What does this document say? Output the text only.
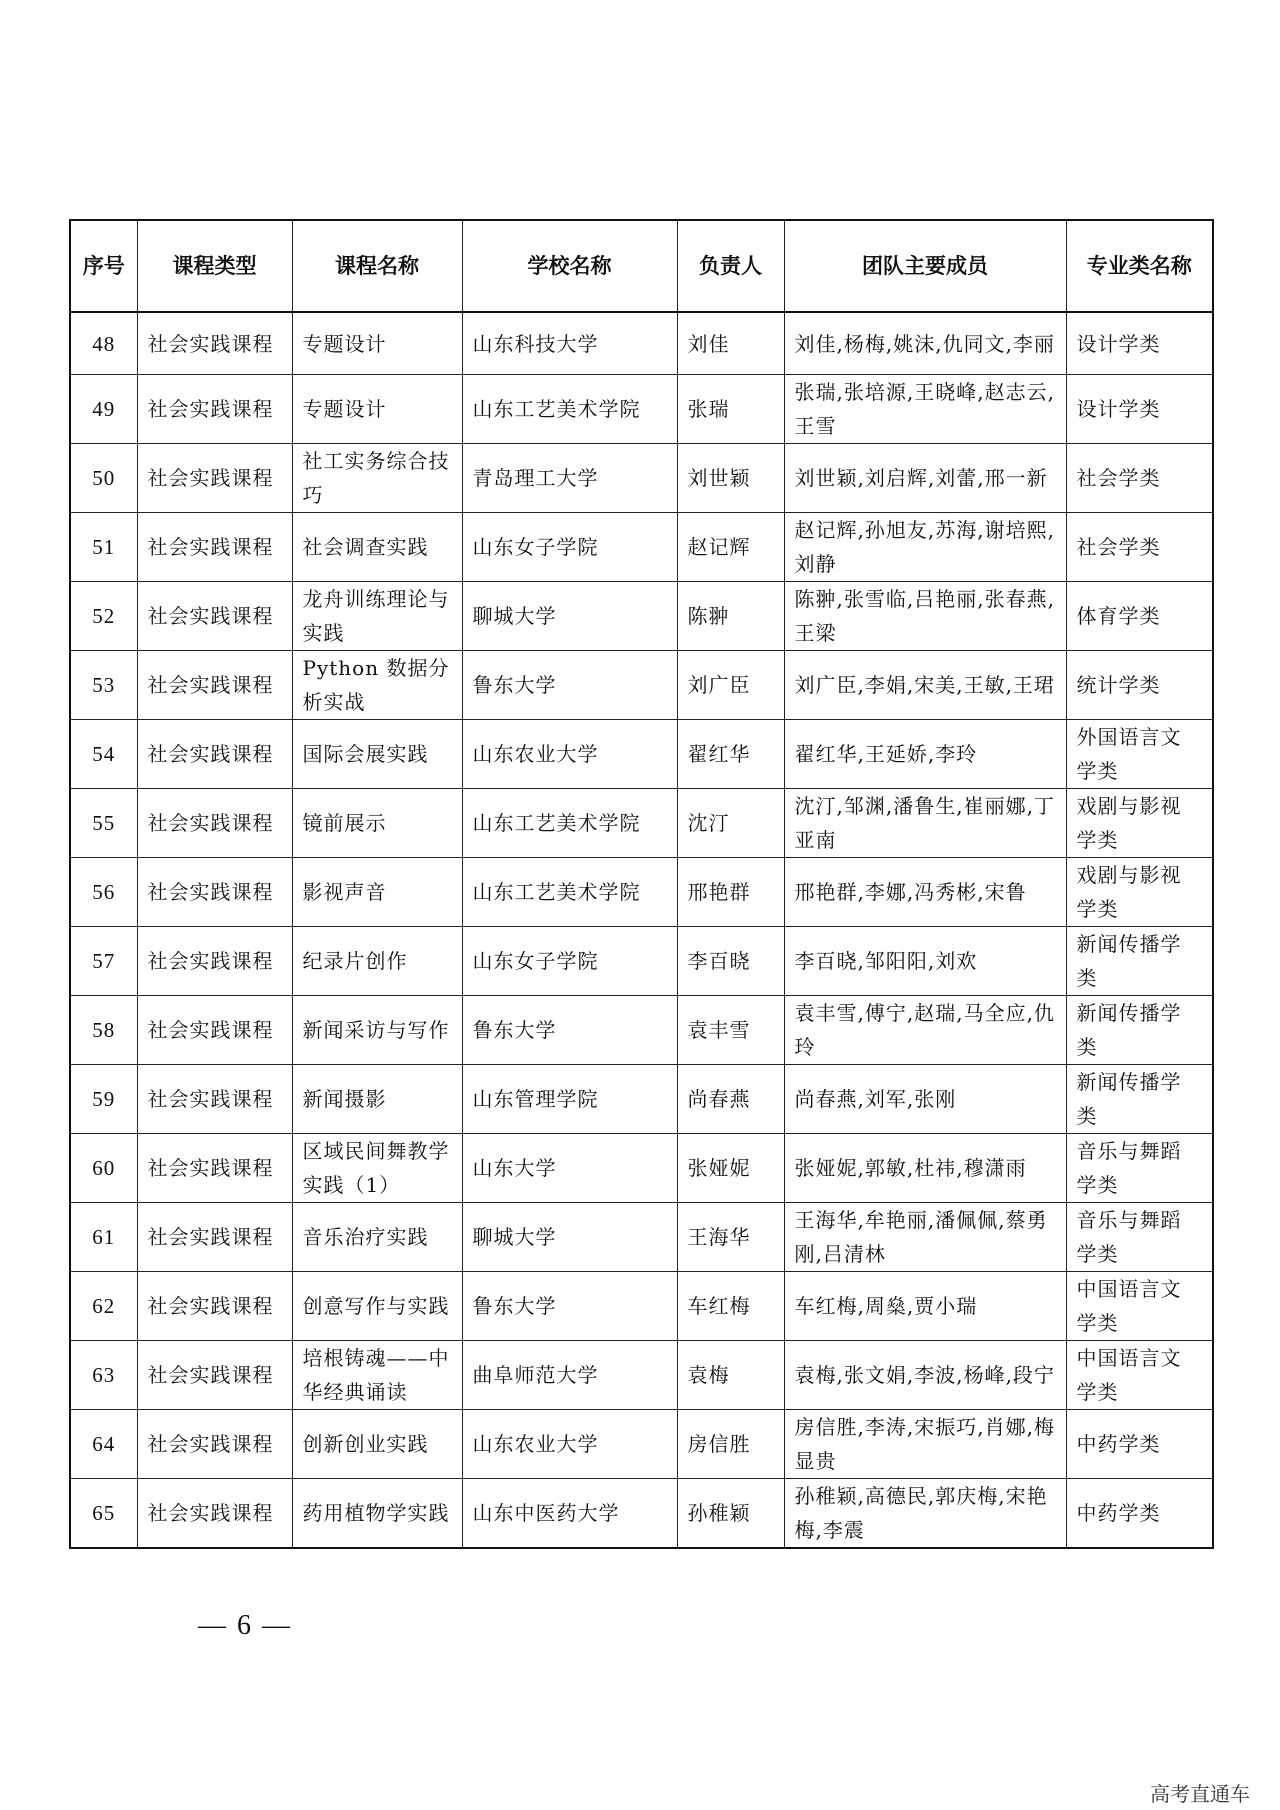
序号	课程类型	课程名称	学校名称	负责人	团队主要成员	专业类名称

48	社会实践课程	专题设计	山东科技大学	刘佳	刘佳,杨梅,姚沫,仇同文,李丽	设计学类

49	社会实践课程	专题设计	山东工艺美术学院	张瑞	张瑞,张培源,王晓峰,赵志云,王雪	设计学类

50	社会实践课程	社工实务综合技巧	青岛理工大学	刘世颖	刘世颖,刘启辉,刘蕾,邢一新	社会学类

51	社会实践课程	社会调查实践	山东女子学院	赵记辉	赵记辉,孙旭友,苏海,谢培熙,刘静	社会学类

52	社会实践课程	龙舟训练理论与实践	聊城大学	陈翀	陈翀,张雪临,吕艳丽,张春燕,王梁	体育学类

53	社会实践课程	Python 数据分析实战	鲁东大学	刘广臣	刘广臣,李娟,宋美,王敏,王珺	统计学类

54	社会实践课程	国际会展实践	山东农业大学	翟红华	翟红华,王延娇,李玲	外国语言文学类

55	社会实践课程	镜前展示	山东工艺美术学院	沈汀	沈汀,邹渊,潘鲁生,崔丽娜,丁亚南	戏剧与影视学类

56	社会实践课程	影视声音	山东工艺美术学院	邢艳群	邢艳群,李娜,冯秀彬,宋鲁	戏剧与影视学类

57	社会实践课程	纪录片创作	山东女子学院	李百晓	李百晓,邹阳阳,刘欢	新闻传播学类

58	社会实践课程	新闻采访与写作	鲁东大学	袁丰雪	袁丰雪,傅宁,赵瑞,马全应,仇玲	新闻传播学类

59	社会实践课程	新闻摄影	山东管理学院	尚春燕	尚春燕,刘军,张刚	新闻传播学类

60	社会实践课程	区域民间舞教学实践（1）	山东大学	张娅妮	张娅妮,郭敏,杜祎,穆潇雨	音乐与舞蹈学类

61	社会实践课程	音乐治疗实践	聊城大学	王海华	王海华,牟艳丽,潘佩佩,蔡勇刚,吕清林	音乐与舞蹈学类

62	社会实践课程	创意写作与实践	鲁东大学	车红梅	车红梅,周燊,贾小瑞	中国语言文学类

63	社会实践课程	培根铸魂——中华经典诵读	曲阜师范大学	袁梅	袁梅,张文娟,李波,杨峰,段宁	中国语言文学类

64	社会实践课程	创新创业实践	山东农业大学	房信胜	房信胜,李涛,宋振巧,肖娜,梅显贵	中药学类

65	社会实践课程	药用植物学实践	山东中医药大学	孙稚颖	孙稚颖,高德民,郭庆梅,宋艳梅,李震	中药学类
— 6 —
高考直通车
